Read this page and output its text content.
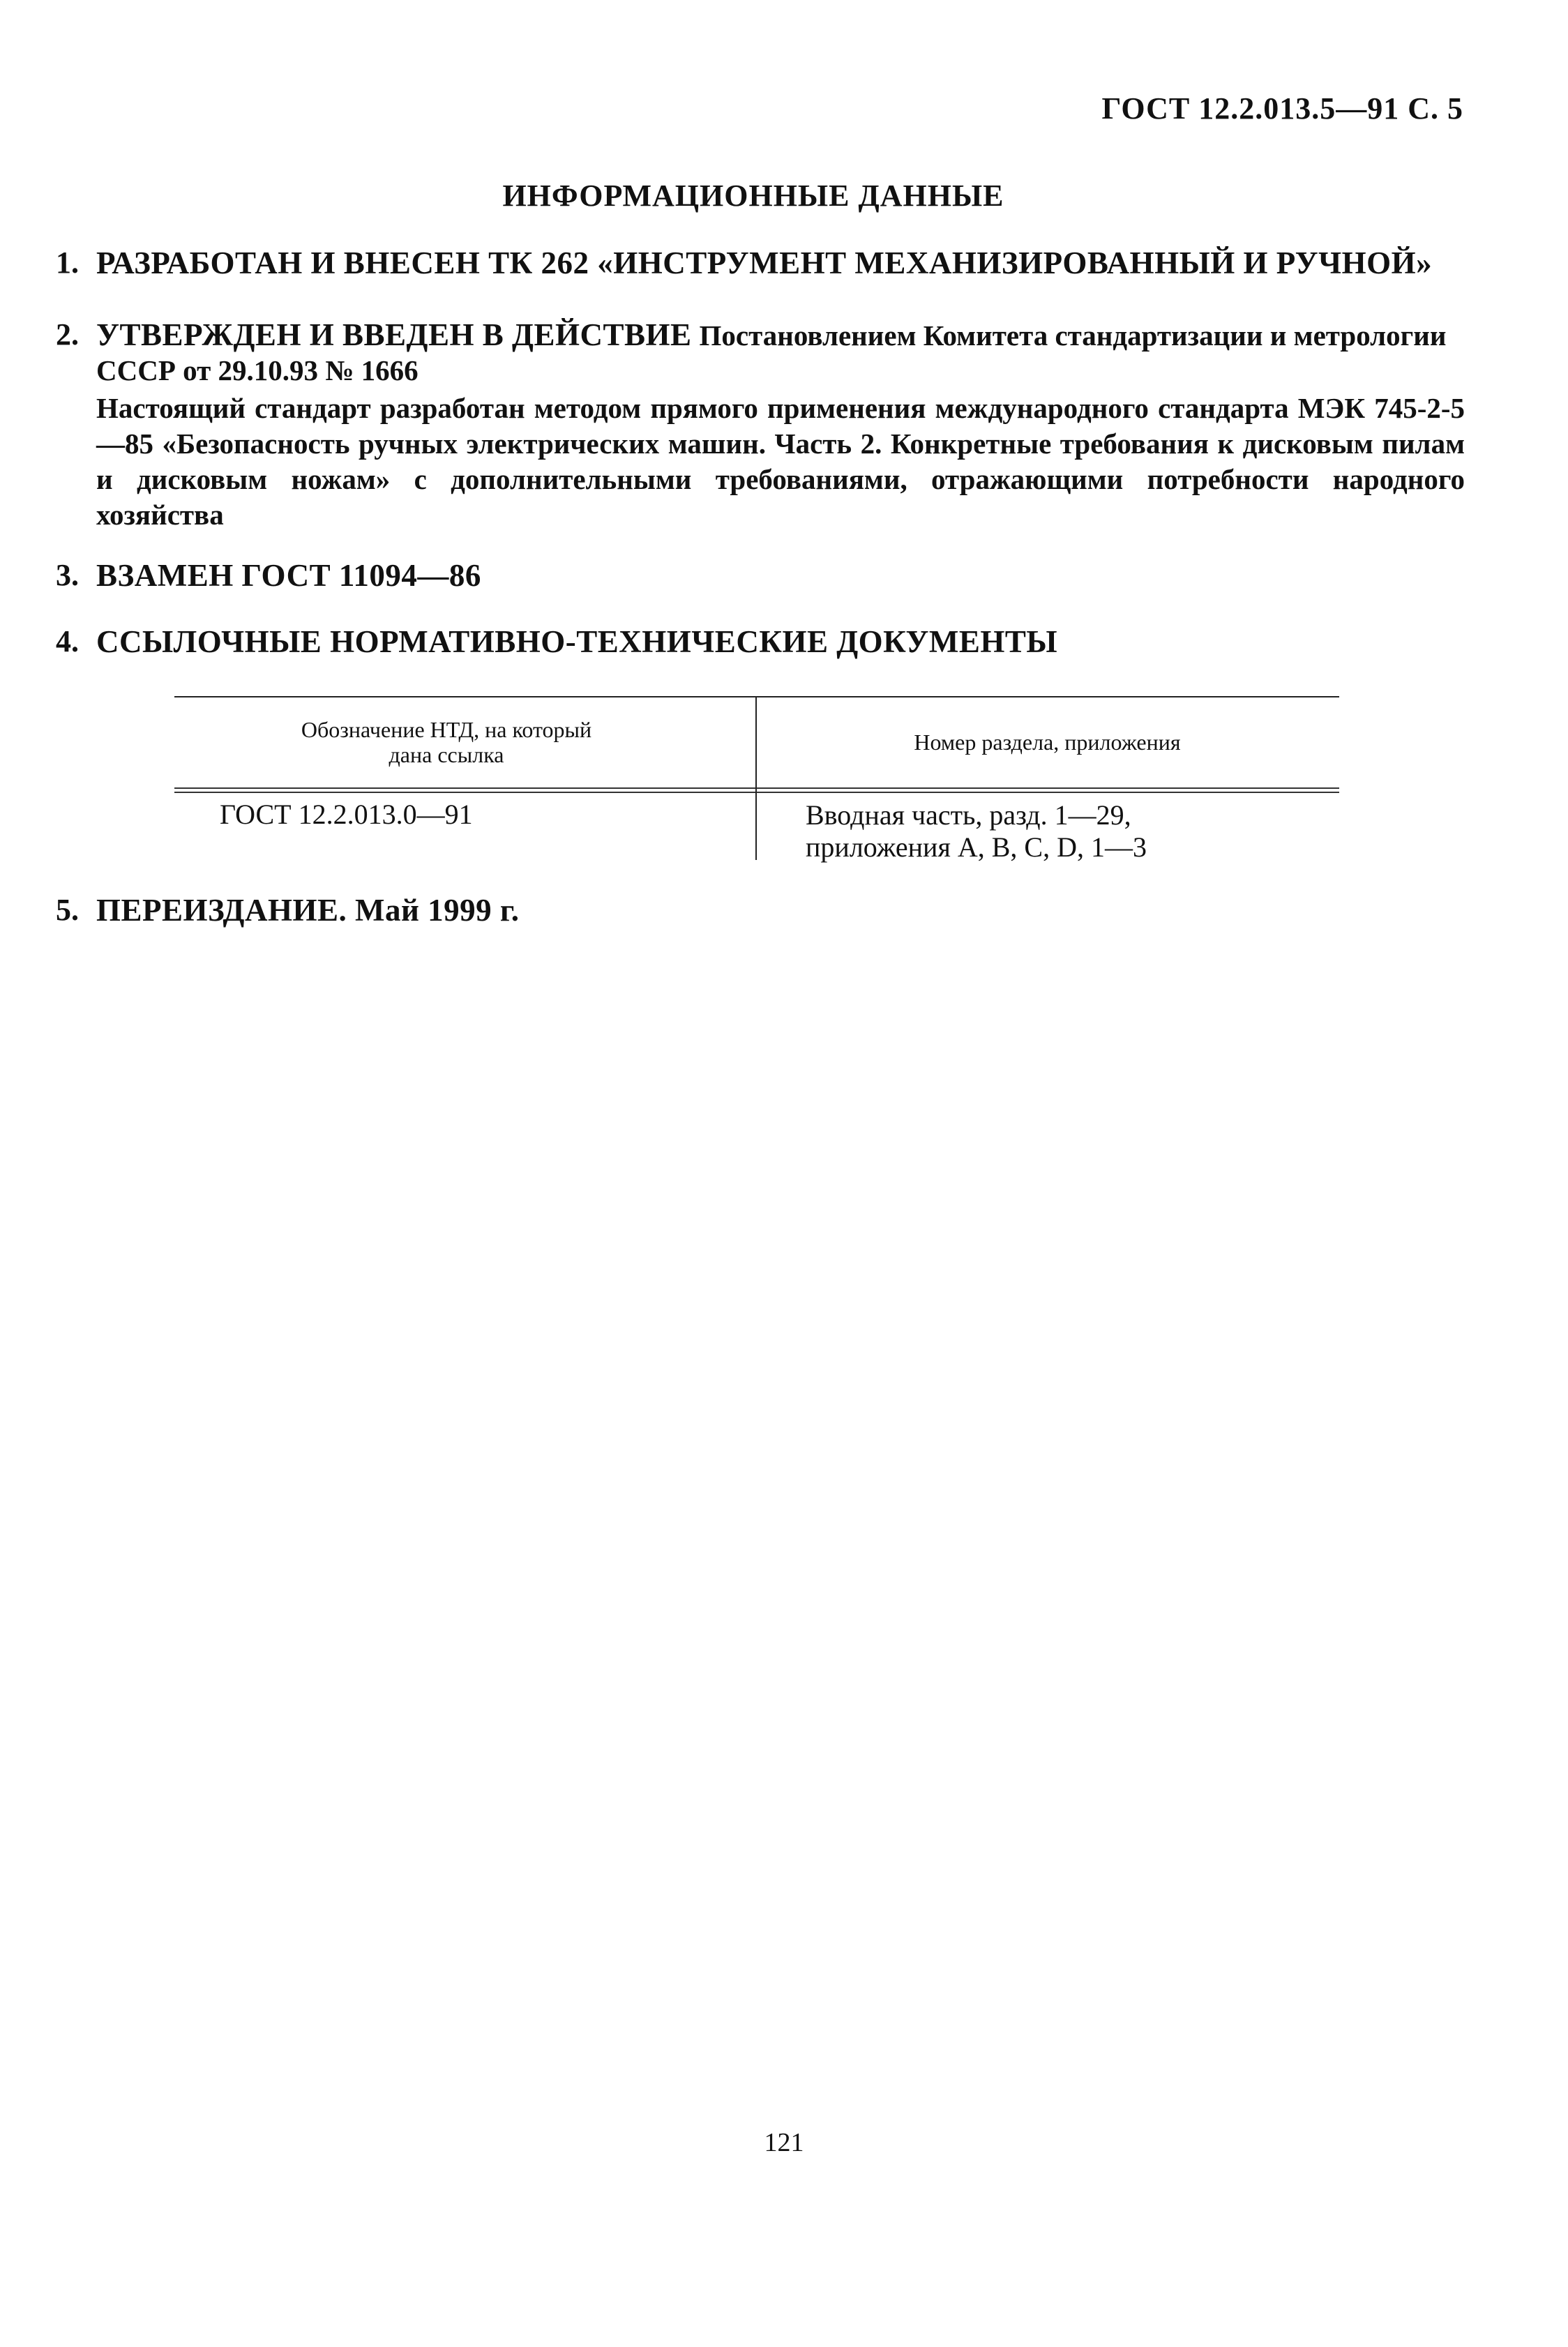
ГОСТ 12.2.013.5—91 С. 5
ИНФОРМАЦИОННЫЕ ДАННЫЕ
1. РАЗРАБОТАН И ВНЕСЕН ТК 262 «ИНСТРУМЕНТ МЕХАНИЗИРОВАННЫЙ И РУЧНОЙ»
2. УТВЕРЖДЕН И ВВЕДЕН В ДЕЙСТВИЕ Постановлением Комитета стандартизации и метрологии СССР от 29.10.93 № 1666
Настоящий стандарт разработан методом прямого применения международного стандарта МЭК 745-2-5—85 «Безопасность ручных электрических машин. Часть 2. Конкретные требования к дисковым пилам и дисковым ножам» с дополнительными требованиями, отражающими потребности народного хозяйства
3. ВЗАМЕН ГОСТ 11094—86
4. ССЫЛОЧНЫЕ НОРМАТИВНО-ТЕХНИЧЕСКИЕ ДОКУМЕНТЫ
Обозначение НТД, на который
дана ссылка	Номер раздела, приложения
ГОСТ 12.2.013.0—91	Вводная часть, разд. 1—29,
приложения А, В, С, D, 1—3
5. ПЕРЕИЗДАНИЕ. Май 1999 г.
121
